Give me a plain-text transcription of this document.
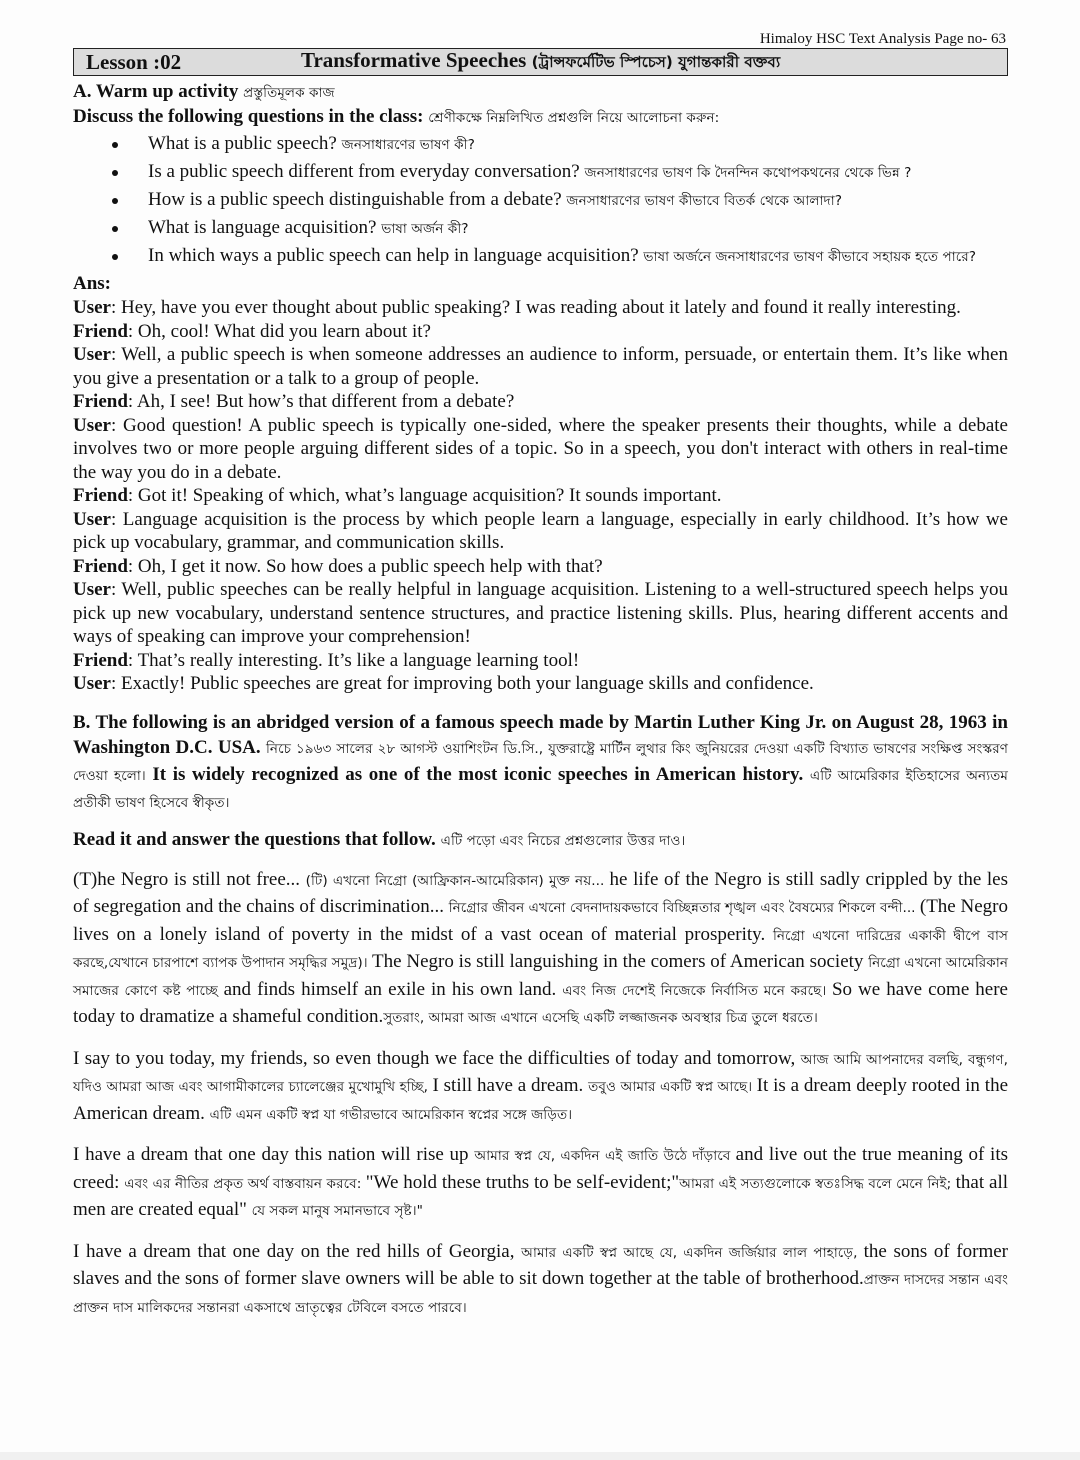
Himaloy HSC Text Analysis Page no- 63
Lesson :02	Transformative Speeches (ট্রান্সফর্মেটিভ স্পিচেস) যুগান্তকারী বক্তব্য
A. Warm up activity প্রস্তুতিমূলক কাজ
Discuss the following questions in the class: শ্রেণীকক্ষে নিম্নলিখিত প্রশ্নগুলি নিয়ে আলোচনা করুন:
What is a public speech? জনসাধারণের ভাষণ কী?
Is a public speech different from everyday conversation? জনসাধারণের ভাষণ কি দৈনন্দিন কথোপকথনের থেকে ভিন্ন ?
How is a public speech distinguishable from a debate? জনসাধারণের ভাষণ কীভাবে বিতর্ক থেকে আলাদা?
What is language acquisition? ভাষা অর্জন কী?
In which ways a public speech can help in language acquisition? ভাষা অর্জনে জনসাধারণের ভাষণ কীভাবে সহায়ক হতে পারে?
Ans:

User: Hey, have you ever thought about public speaking? I was reading about it lately and found it really interesting.

Friend: Oh, cool! What did you learn about it?

User: Well, a public speech is when someone addresses an audience to inform, persuade, or entertain them. It’s like when you give a presentation or a talk to a group of people.

Friend: Ah, I see! But how’s that different from a debate?

User: Good question! A public speech is typically one-sided, where the speaker presents their thoughts, while a debate involves two or more people arguing different sides of a topic. So in a speech, you don't interact with others in real-time the way you do in a debate.

Friend: Got it! Speaking of which, what’s language acquisition? It sounds important.

User: Language acquisition is the process by which people learn a language, especially in early childhood. It’s how we pick up vocabulary, grammar, and communication skills.

Friend: Oh, I get it now. So how does a public speech help with that?

User: Well, public speeches can be really helpful in language acquisition. Listening to a well-structured speech helps you pick up new vocabulary, understand sentence structures, and practice listening skills. Plus, hearing different accents and ways of speaking can improve your comprehension!

Friend: That’s really interesting. It’s like a language learning tool!

User: Exactly! Public speeches are great for improving both your language skills and confidence.

B. The following is an abridged version of a famous speech made by Martin Luther King Jr. on August 28, 1963 in Washington D.C. USA. নিচে ১৯৬৩ সালের ২৮ আগস্ট ওয়াশিংটন ডি.সি., যুক্তরাষ্ট্রে মার্টিন লুথার কিং জুনিয়রের দেওয়া একটি বিখ্যাত ভাষণের সংক্ষিপ্ত সংস্করণ দেওয়া হলো। It is widely recognized as one of the most iconic speeches in American history. এটি আমেরিকার ইতিহাসের অন্যতম প্রতীকী ভাষণ হিসেবে স্বীকৃত।
Read it and answer the questions that follow. এটি পড়ো এবং নিচের প্রশ্নগুলোর উত্তর দাও।

(T)he Negro is still not free... (টি) এখনো নিগ্রো (আফ্রিকান-আমেরিকান) মুক্ত নয়... he life of the Negro is still sadly crippled by the les of segregation and the chains of discrimination... নিগ্রোর জীবন এখনো বেদনাদায়কভাবে বিচ্ছিন্নতার শৃঙ্খল এবং বৈষম্যের শিকলে বন্দী... (The Negro lives on a lonely island of poverty in the midst of a vast ocean of material prosperity. নিগ্রো এখনো দারিদ্রের একাকী দ্বীপে বাস করছে,যেখানে চারপাশে ব্যাপক উপাদান সমৃদ্ধির সমুদ্র)। The Negro is still languishing in the comers of American society নিগ্রো এখনো আমেরিকান সমাজের কোণে কষ্ট পাচ্ছে and finds himself an exile in his own land. এবং নিজ দেশেই নিজেকে নির্বাসিত মনে করছে। So we have come here today to dramatize a shameful condition.সুতরাং, আমরা আজ এখানে এসেছি একটি লজ্জাজনক অবস্থার চিত্র তুলে ধরতে।

I say to you today, my friends, so even though we face the difficulties of today and tomorrow, আজ আমি আপনাদের বলছি, বন্ধুগণ, যদিও আমরা আজ এবং আগামীকালের চ্যালেঞ্জের মুখোমুখি হচ্ছি, I still have a dream. তবুও আমার একটি স্বপ্ন আছে। It is a dream deeply rooted in the American dream. এটি এমন একটি স্বপ্ন যা গভীরভাবে আমেরিকান স্বপ্নের সঙ্গে জড়িত।

I have a dream that one day this nation will rise up আমার স্বপ্ন যে, একদিন এই জাতি উঠে দাঁড়াবে and live out the true meaning of its creed: এবং এর নীতির প্রকৃত অর্থ বাস্তবায়ন করবে: "We hold these truths to be self-evident;"আমরা এই সত্যগুলোকে স্বতঃসিদ্ধ বলে মেনে নিই; that all men are created equal" যে সকল মানুষ সমানভাবে সৃষ্ট।"

I have a dream that one day on the red hills of Georgia, আমার একটি স্বপ্ন আছে যে, একদিন জর্জিয়ার লাল পাহাড়ে, the sons of former slaves and the sons of former slave owners will be able to sit down together at the table of brotherhood.প্রাক্তন দাসদের সন্তান এবং প্রাক্তন দাস মালিকদের সন্তানরা একসাথে ভ্রাতৃত্বের টেবিলে বসতে পারবে।
